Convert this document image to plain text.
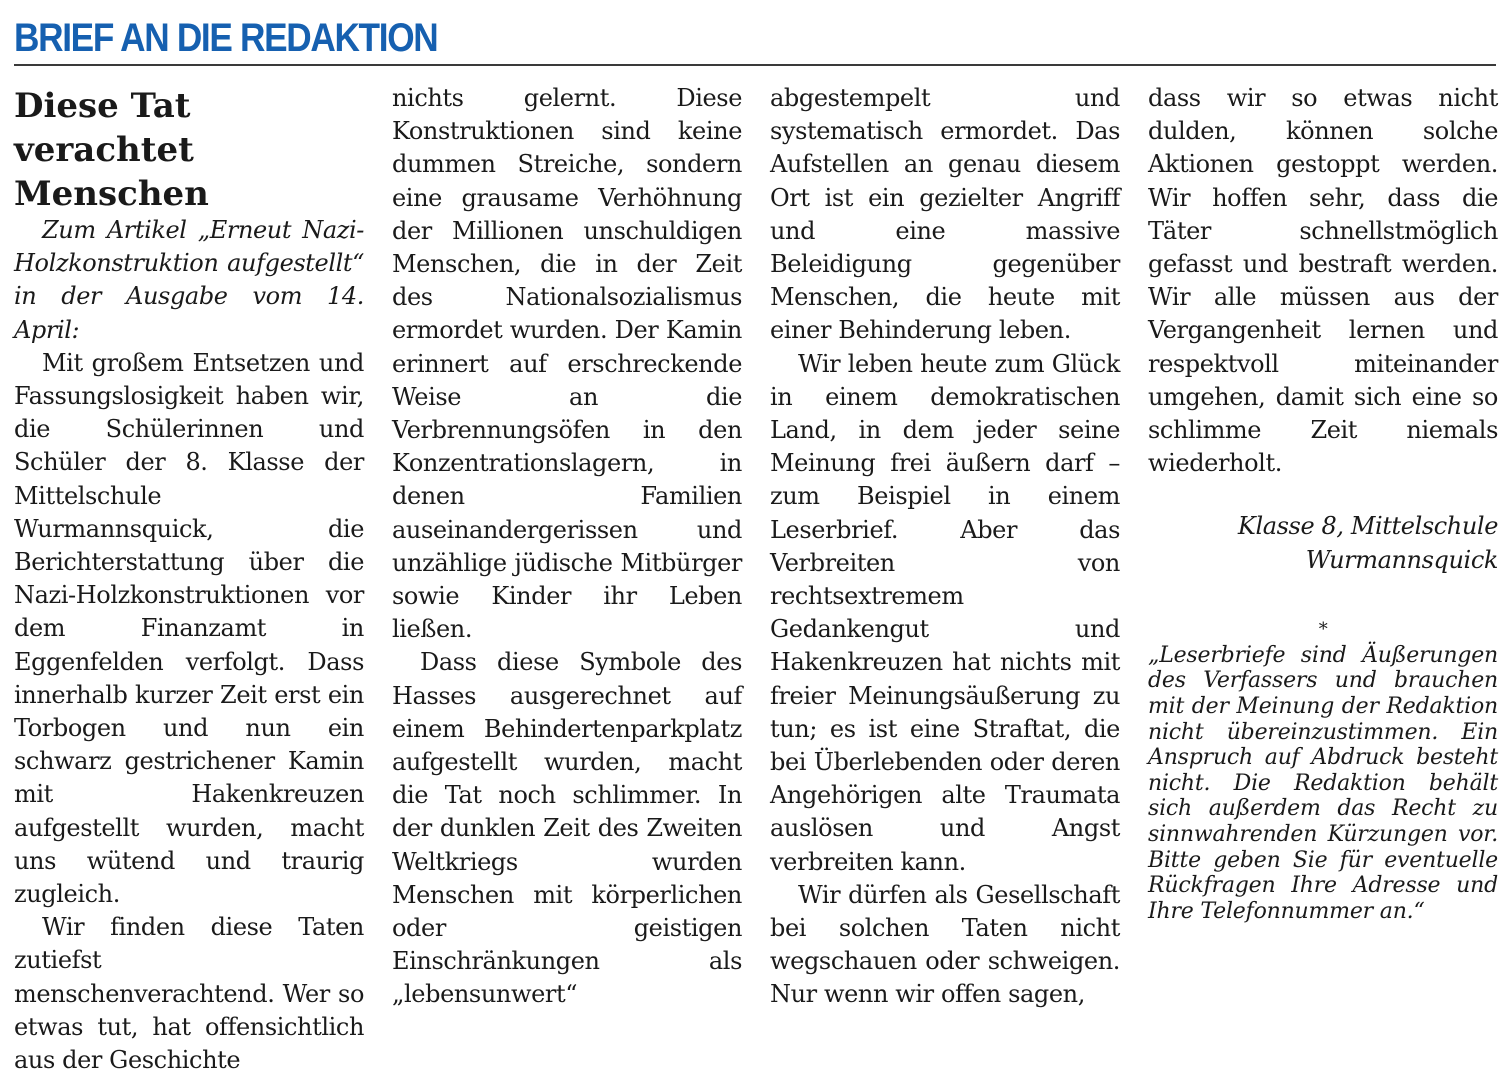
BRIEF AN DIE REDAKTION
Diese Tat verachtet Menschen

Zum Artikel „Erneut Nazi-Holzkonstruktion aufgestellt“ in der Ausgabe vom 14. April:

Mit großem Entsetzen und Fassungslosigkeit haben wir, die Schülerinnen und Schüler der 8. Klasse der Mittelschule Wurmannsquick, die Berichterstattung über die Nazi-Holzkonstruktionen vor dem Finanzamt in Eggenfelden verfolgt. Dass innerhalb kurzer Zeit erst ein Torbogen und nun ein schwarz gestrichener Kamin mit Hakenkreuzen aufgestellt wurden, macht uns wütend und traurig zugleich.

Wir finden diese Taten zutiefst menschenverachtend. Wer so etwas tut, hat offensichtlich aus der Geschichte

nichts gelernt. Diese Konstruktionen sind keine dummen Streiche, sondern eine grausame Verhöhnung der Millionen unschuldigen Menschen, die in der Zeit des Nationalsozialismus ermordet wurden. Der Kamin erinnert auf erschreckende Weise an die Verbrennungsöfen in den Konzentrationslagern, in denen Familien auseinandergerissen und unzählige jüdische Mitbürger sowie Kinder ihr Leben ließen.

Dass diese Symbole des Hasses ausgerechnet auf einem Behindertenparkplatz aufgestellt wurden, macht die Tat noch schlimmer. In der dunklen Zeit des Zweiten Weltkriegs wurden Menschen mit körperlichen oder geistigen Einschränkungen als „lebensunwert“

abgestempelt und systematisch ermordet. Das Aufstellen an genau diesem Ort ist ein gezielter Angriff und eine massive Beleidigung gegenüber Menschen, die heute mit einer Behinderung leben.

Wir leben heute zum Glück in einem demokratischen Land, in dem jeder seine Meinung frei äußern darf – zum Beispiel in einem Leserbrief. Aber das Verbreiten von rechtsextremem Gedankengut und Hakenkreuzen hat nichts mit freier Meinungsäußerung zu tun; es ist eine Straftat, die bei Überlebenden oder deren Angehörigen alte Traumata auslösen und Angst verbreiten kann.

Wir dürfen als Gesellschaft bei solchen Taten nicht wegschauen oder schweigen. Nur wenn wir offen sagen,

dass wir so etwas nicht dulden, können solche Aktionen gestoppt werden. Wir hoffen sehr, dass die Täter schnellstmöglich gefasst und bestraft werden. Wir alle müssen aus der Vergangenheit lernen und respektvoll miteinander umgehen, damit sich eine so schlimme Zeit niemals wiederholt.

Klasse 8, Mittelschule
Wurmannsquick
*

„Leserbriefe sind Äußerungen des Verfassers und brauchen mit der Meinung der Redaktion nicht übereinzustimmen. Ein Anspruch auf Abdruck besteht nicht. Die Redaktion behält sich außerdem das Recht zu sinnwahrenden Kürzungen vor. Bitte geben Sie für eventuelle Rückfragen Ihre Adresse und Ihre Telefonnummer an.“
